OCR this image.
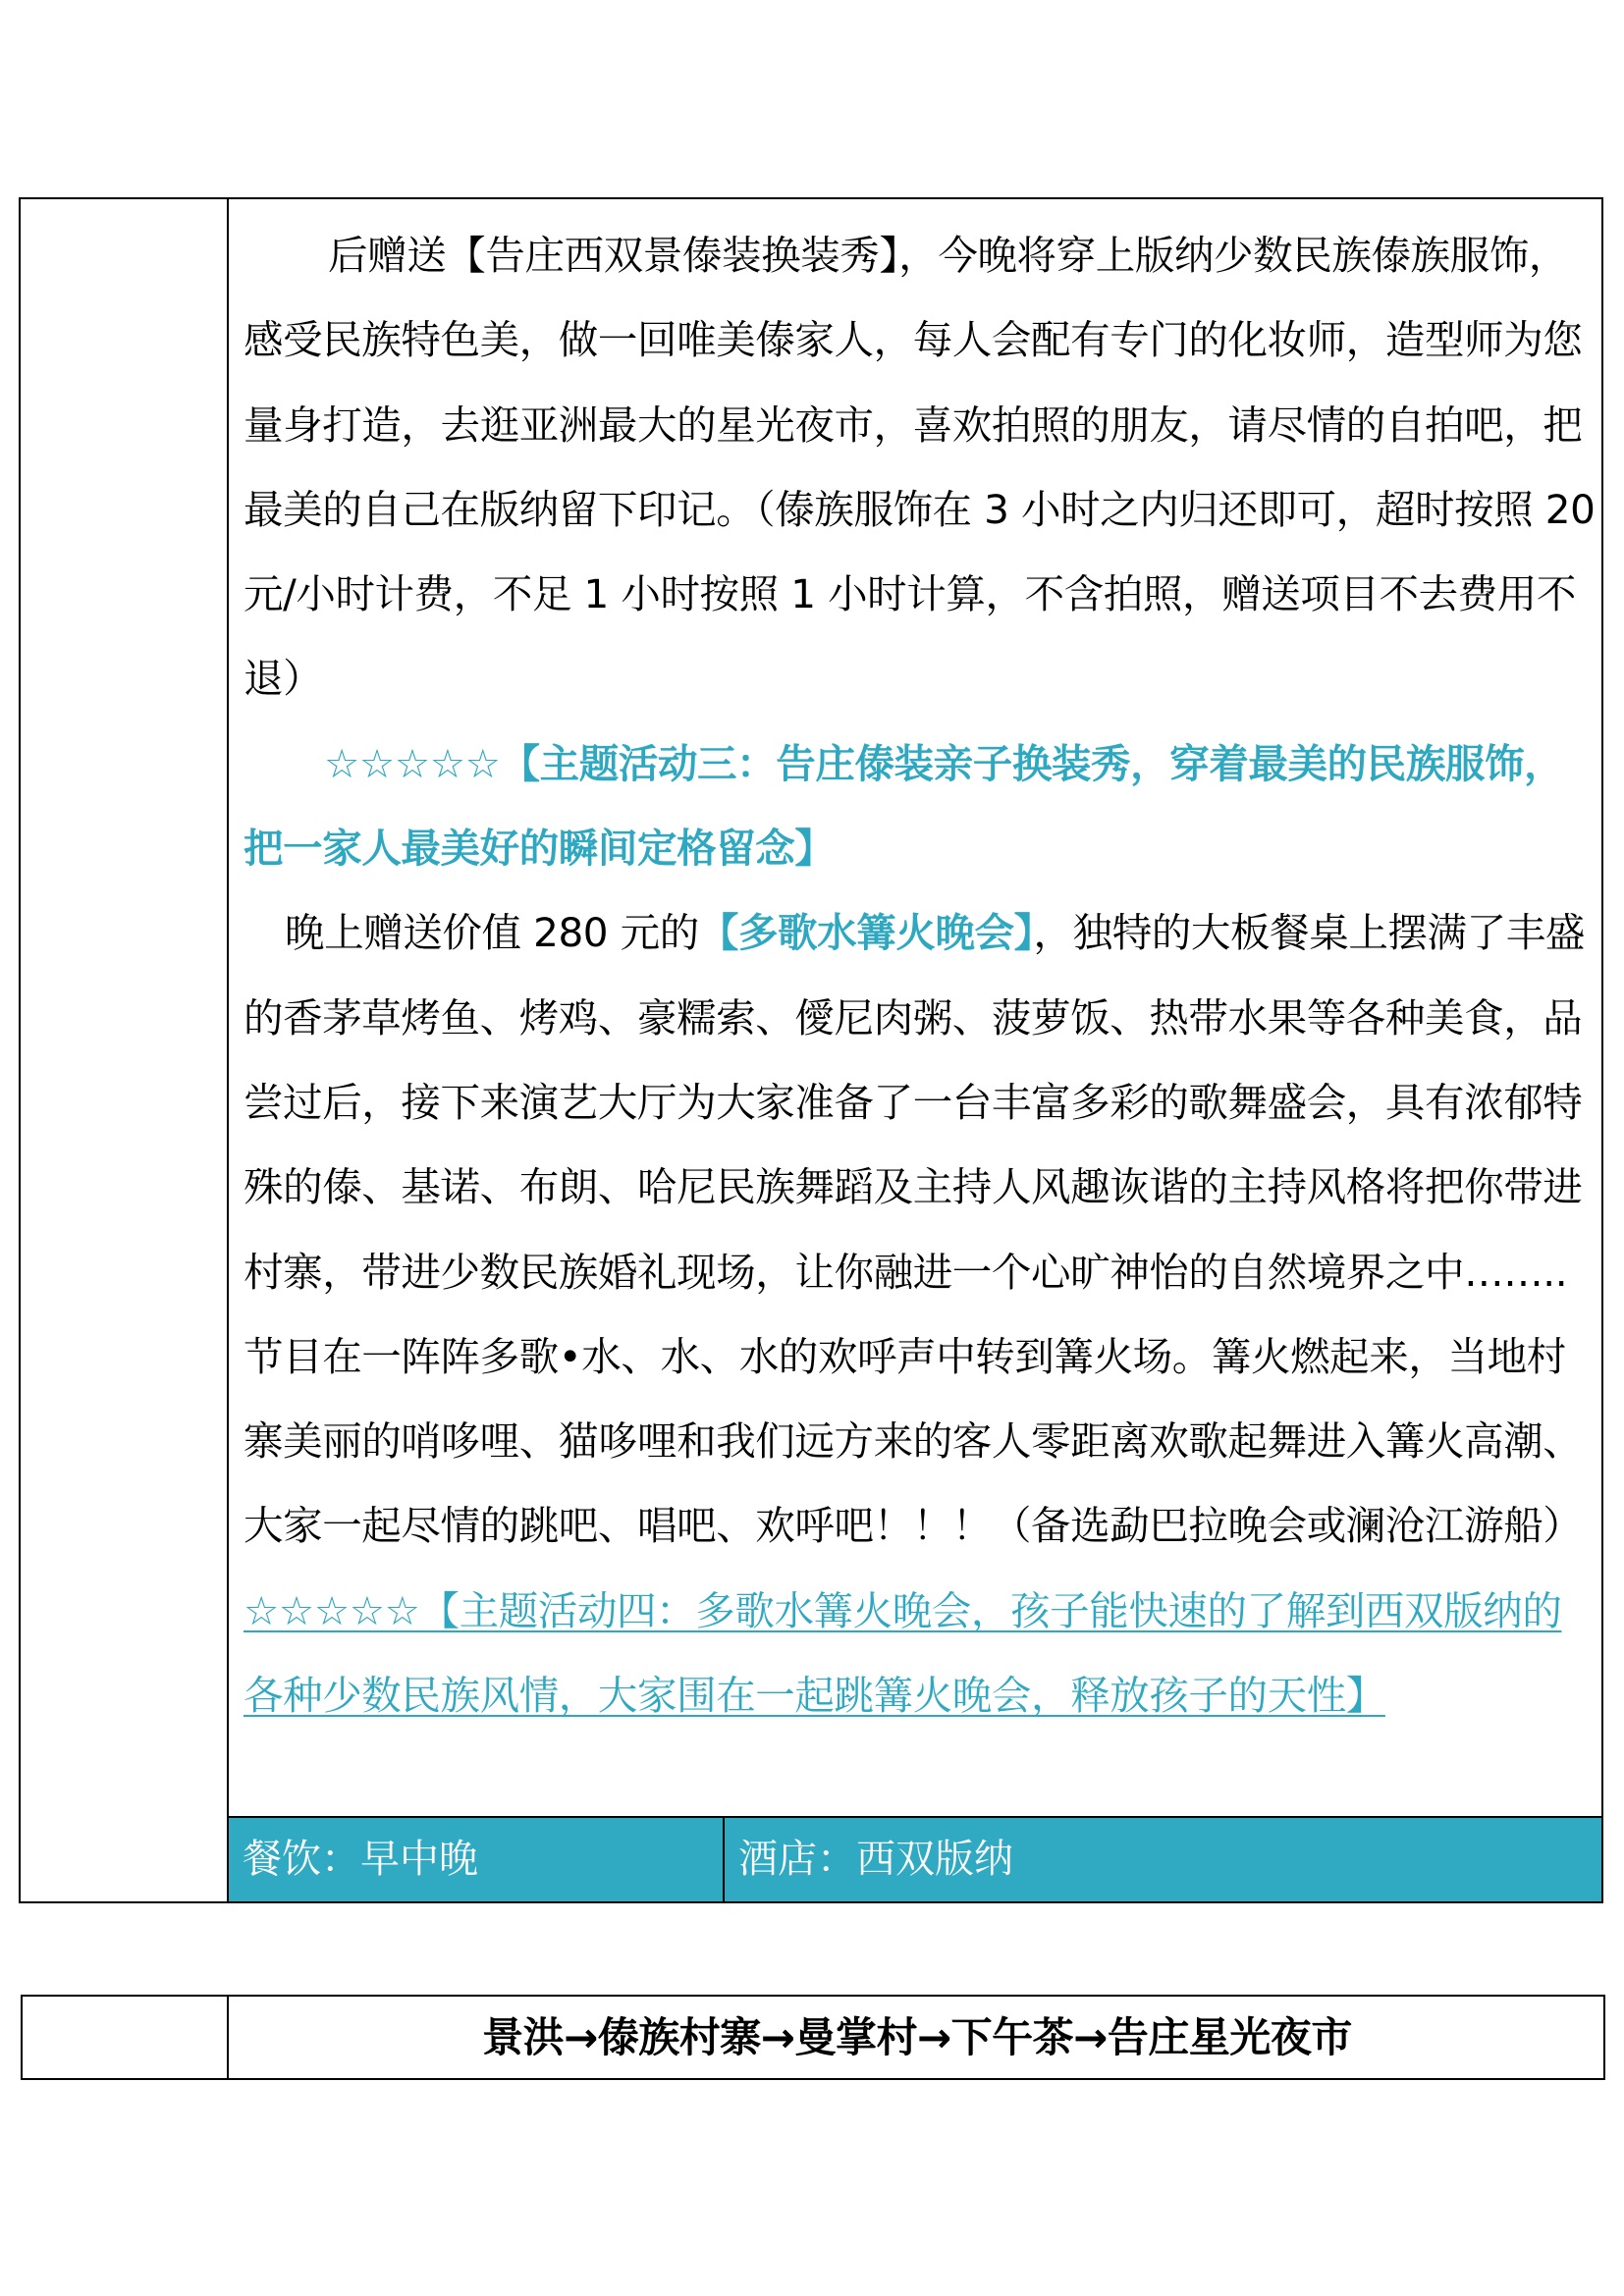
后赠送【告庄西双景傣装换装秀】，今晚将穿上版纳少数民族傣族服饰，感受民族特色美，做一回唯美傣家人，每人会配有专门的化妆师，造型师为您量身打造，去逛亚洲最大的星光夜市，喜欢拍照的朋友，请尽情的自拍吧，把最美的自己在版纳留下印记。（傣族服饰在 3 小时之内归还即可，超时按照 20 元/小时计费，不足 1 小时按照 1 小时计算，不含拍照，赠送项目不去费用不退）

☆☆☆☆☆【主题活动三：告庄傣装亲子换装秀，穿着最美的民族服饰，把一家人最美好的瞬间定格留念】

晚上赠送价值 280 元的【多歌水篝火晚会】，独特的大板餐桌上摆满了丰盛的香茅草烤鱼、烤鸡、豪糯索、僾尼肉粥、菠萝饭、热带水果等各种美食，品尝过后，接下来演艺大厅为大家准备了一台丰富多彩的歌舞盛会，具有浓郁特殊的傣、基诺、布朗、哈尼民族舞蹈及主持人风趣诙谐的主持风格将把你带进村寨，带进少数民族婚礼现场，让你融进一个心旷神怡的自然境界之中……..节目在一阵阵多歌•水、水、水的欢呼声中转到篝火场。篝火燃起来，当地村寨美丽的哨哆哩、猫哆哩和我们远方来的客人零距离欢歌起舞进入篝火高潮、大家一起尽情的跳吧、唱吧、欢呼吧！！！（备选勐巴拉晚会或澜沧江游船）

☆☆☆☆☆【主题活动四：多歌水篝火晚会，孩子能快速的了解到西双版纳的各种少数民族风情，大家围在一起跳篝火晚会，释放孩子的天性】

餐饮：早中晚	酒店：西双版纳
景洪→傣族村寨→曼掌村→下午茶→告庄星光夜市
